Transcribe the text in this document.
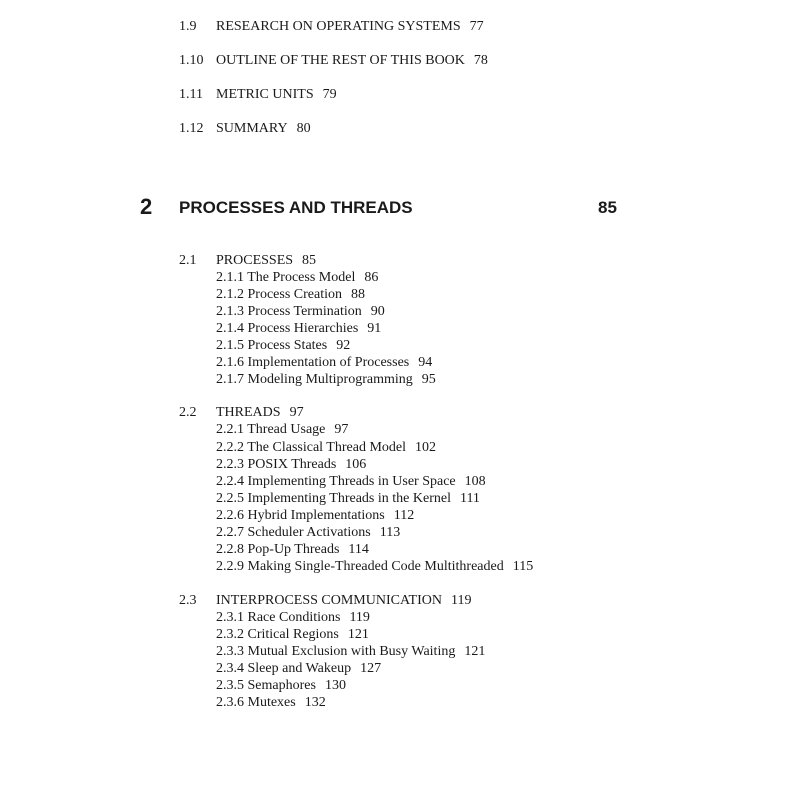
1.9 RESEARCH ON OPERATING SYSTEMS 77
1.10 OUTLINE OF THE REST OF THIS BOOK 78
1.11 METRIC UNITS 79
1.12 SUMMARY 80
2 PROCESSES AND THREADS	85
2.1 PROCESSES 85
2.1.1 The Process Model 86
2.1.2 Process Creation 88
2.1.3 Process Termination 90
2.1.4 Process Hierarchies 91
2.1.5 Process States 92
2.1.6 Implementation of Processes 94
2.1.7 Modeling Multiprogramming 95
2.2 THREADS 97
2.2.1 Thread Usage 97
2.2.2 The Classical Thread Model 102
2.2.3 POSIX Threads 106
2.2.4 Implementing Threads in User Space 108
2.2.5 Implementing Threads in the Kernel 111
2.2.6 Hybrid Implementations 112
2.2.7 Scheduler Activations 113
2.2.8 Pop-Up Threads 114
2.2.9 Making Single-Threaded Code Multithreaded 115
2.3 INTERPROCESS COMMUNICATION 119
2.3.1 Race Conditions 119
2.3.2 Critical Regions 121
2.3.3 Mutual Exclusion with Busy Waiting 121
2.3.4 Sleep and Wakeup 127
2.3.5 Semaphores 130
2.3.6 Mutexes 132
